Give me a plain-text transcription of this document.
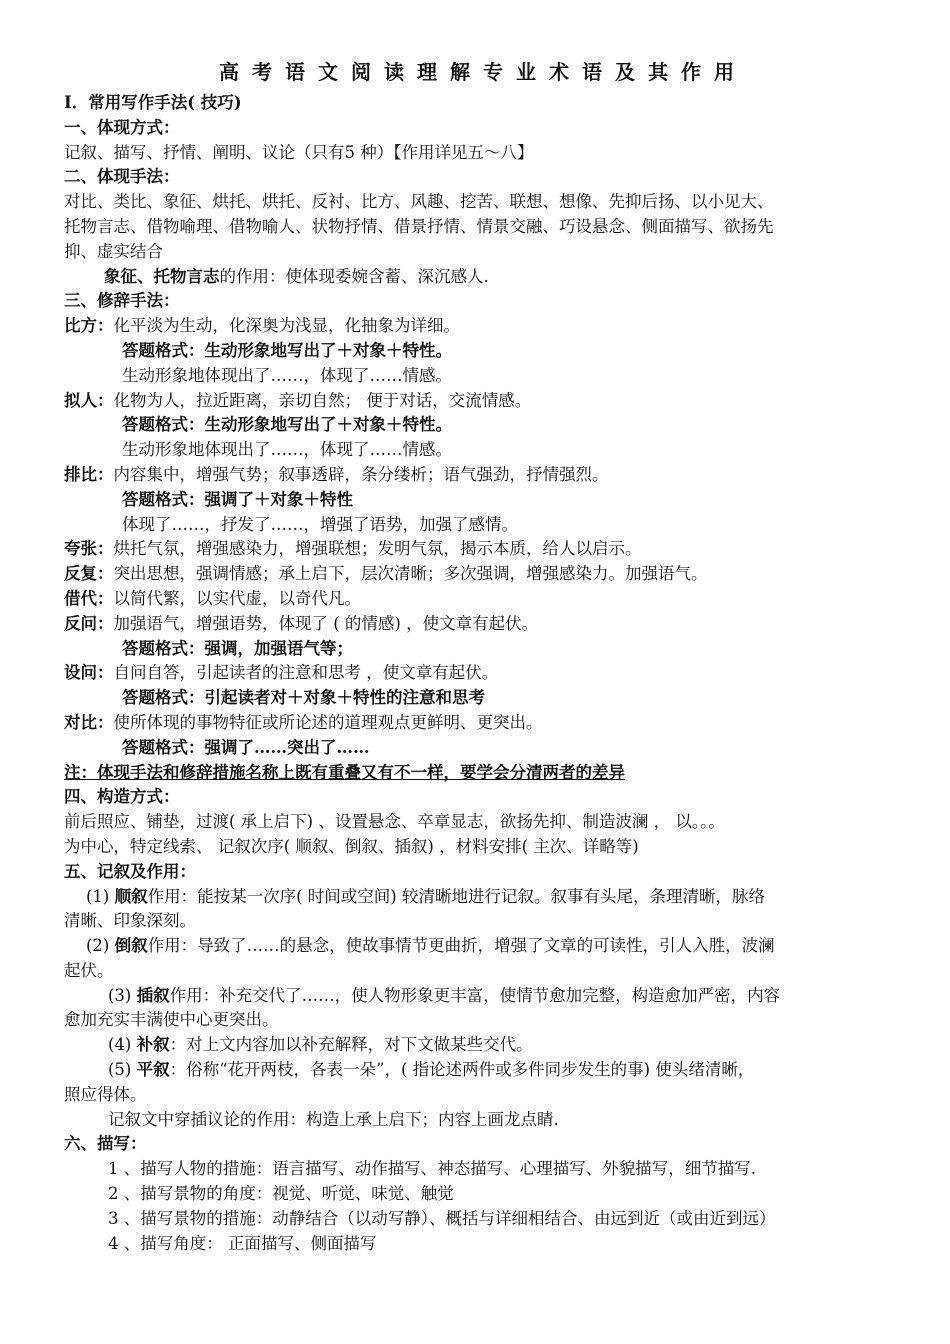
高考语文阅读理解专业术语及其作用
Ⅰ．常用写作手法( 技巧)
一、体现方式：
记叙、描写、抒情、阐明、议论（只有5 种）【作用详见五～八】
二、体现手法：
对比、类比、象征、烘托、烘托、反衬、比方、风趣、挖苦、联想、想像、先抑后扬、以小见大、
托物言志、借物喻理、借物喻人、状物抒情、借景抒情、情景交融、巧设悬念、侧面描写、欲扬先
抑、虚实结合
象征、托物言志的作用：使体现委婉含蓄、深沉感人.
三、修辞手法：
比方：化平淡为生动，化深奥为浅显，化抽象为详细。
答题格式：生动形象地写出了＋对象＋特性。
生动形象地体现出了……，体现了……情感。
拟人：化物为人，拉近距离，亲切自然； 便于对话，交流情感。
答题格式：生动形象地写出了＋对象＋特性。
生动形象地体现出了……，体现了……情感。
排比：内容集中，增强气势；叙事透辟，条分缕析；语气强劲，抒情强烈。
答题格式：强调了＋对象＋特性
体现了……，抒发了……，增强了语势，加强了感情。
夸张：烘托气氛，增强感染力，增强联想；发明气氛，揭示本质，给人以启示。
反复：突出思想，强调情感；承上启下，层次清晰；多次强调，增强感染力。加强语气。
借代：以简代繁，以实代虚，以奇代凡。
反问：加强语气，增强语势，体现了 ( 的情感) ，使文章有起伏。
答题格式：强调，加强语气等；
设问：自问自答，引起读者的注意和思考 ，使文章有起伏。
答题格式：引起读者对＋对象＋特性的注意和思考
对比：使所体现的事物特征或所论述的道理观点更鲜明、更突出。
答题格式：强调了……突出了……
注：体现手法和修辞措施名称上既有重叠又有不一样，要学会分清两者的差异
四、构造方式：
前后照应、铺垫，过渡( 承上启下) 、设置悬念、卒章显志，欲扬先抑、制造波澜 ， 以。。。
为中心，特定线索、 记叙次序( 顺叙、倒叙、插叙) ，材料安排( 主次、详略等)
五、记叙及作用：
(1) 顺叙作用：能按某一次序( 时间或空间) 较清晰地进行记叙。叙事有头尾，条理清晰，脉络
清晰、印象深刻。
(2) 倒叙作用：导致了……的悬念，使故事情节更曲折，增强了文章的可读性，引人入胜，波澜
起伏。
(3) 插叙作用：补充交代了……，使人物形象更丰富，使情节愈加完整，构造愈加严密，内容
愈加充实丰满使中心更突出。
(4) 补叙：对上文内容加以补充解释，对下文做某些交代。
(5) 平叙：俗称“花开两枝，各表一朵”，( 指论述两件或多件同步发生的事) 使头绪清晰，
照应得体。
记叙文中穿插议论的作用：构造上承上启下；内容上画龙点睛.
六、描写：
1 、描写人物的措施：语言描写、动作描写、神态描写、心理描写、外貌描写，细节描写.
2 、描写景物的角度：视觉、听觉、味觉、触觉
3 、描写景物的措施：动静结合（以动写静）、概括与详细相结合、由远到近（或由近到远）
4 、描写角度： 正面描写、侧面描写
